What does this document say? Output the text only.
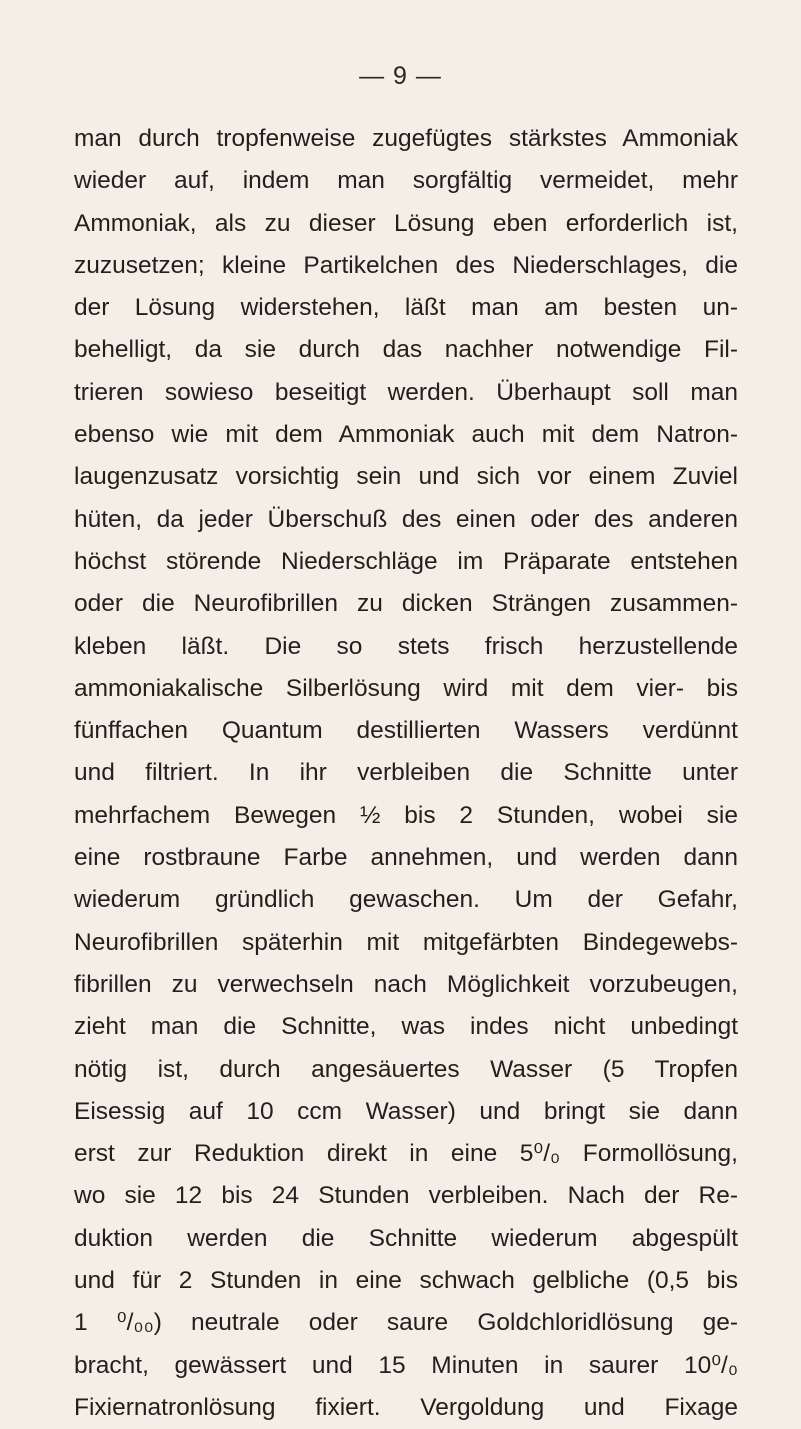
— 9 —
man durch tropfenweise zugefügtes stärkstes Ammoniak
wieder auf, indem man sorgfältig vermeidet, mehr
Ammoniak, als zu dieser Lösung eben erforderlich ist,
zuzusetzen; kleine Partikelchen des Niederschlages, die
der Lösung widerstehen, läßt man am besten un-
behelligt, da sie durch das nachher notwendige Fil-
trieren sowieso beseitigt werden. Überhaupt soll man
ebenso wie mit dem Ammoniak auch mit dem Natron-
laugenzusatz vorsichtig sein und sich vor einem Zuviel
hüten, da jeder Überschuß des einen oder des anderen
höchst störende Niederschläge im Präparate entstehen
oder die Neurofibrillen zu dicken Strängen zusammen-
kleben läßt. Die so stets frisch herzustellende
ammoniakalische Silberlösung wird mit dem vier- bis
fünffachen Quantum destillierten Wassers verdünnt
und filtriert. In ihr verbleiben die Schnitte unter
mehrfachem Bewegen ½ bis 2 Stunden, wobei sie
eine rostbraune Farbe annehmen, und werden dann
wiederum gründlich gewaschen. Um der Gefahr,
Neurofibrillen späterhin mit mitgefärbten Bindegewebs-
fibrillen zu verwechseln nach Möglichkeit vorzubeugen,
zieht man die Schnitte, was indes nicht unbedingt
nötig ist, durch angesäuertes Wasser (5 Tropfen
Eisessig auf 10 ccm Wasser) und bringt sie dann
erst zur Reduktion direkt in eine 5⁰/₀ Formollösung,
wo sie 12 bis 24 Stunden verbleiben. Nach der Re-
duktion werden die Schnitte wiederum abgespült
und für 2 Stunden in eine schwach gelbliche (0,5 bis
1 ⁰/₀₀) neutrale oder saure Goldchloridlösung ge-
bracht, gewässert und 15 Minuten in saurer 10⁰/₀
Fixiernatronlösung fixiert. Vergoldung und Fixage
